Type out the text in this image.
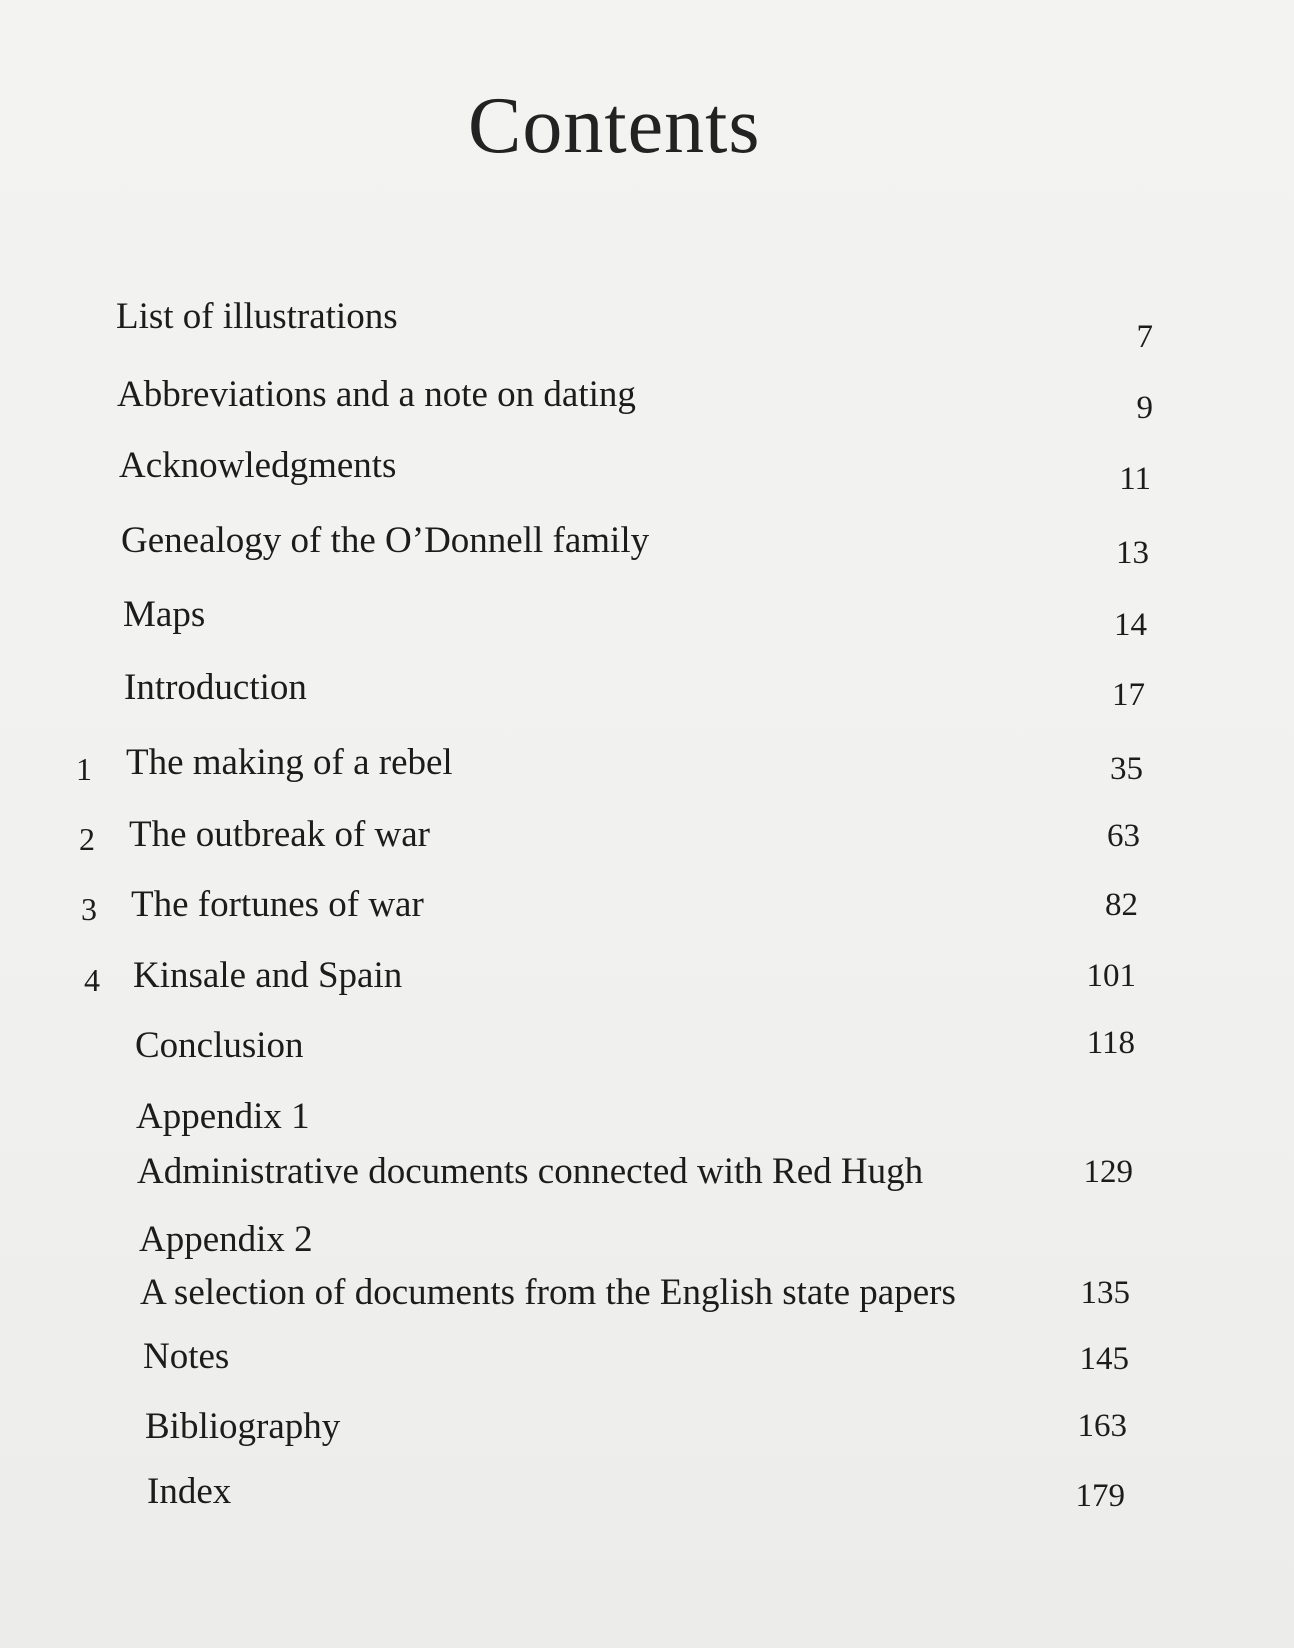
Contents
List of illustrations	7
Abbreviations and a note on dating	9
Acknowledgments	11
Genealogy of the O’Donnell family	13
Maps	14
Introduction	17
1 The making of a rebel	35
2 The outbreak of war	63
3 The fortunes of war	82
4 Kinsale and Spain	101
Conclusion	118
Appendix 1
Administrative documents connected with Red Hugh	129
Appendix 2
A selection of documents from the English state papers	135
Notes	145
Bibliography	163
Index	179
